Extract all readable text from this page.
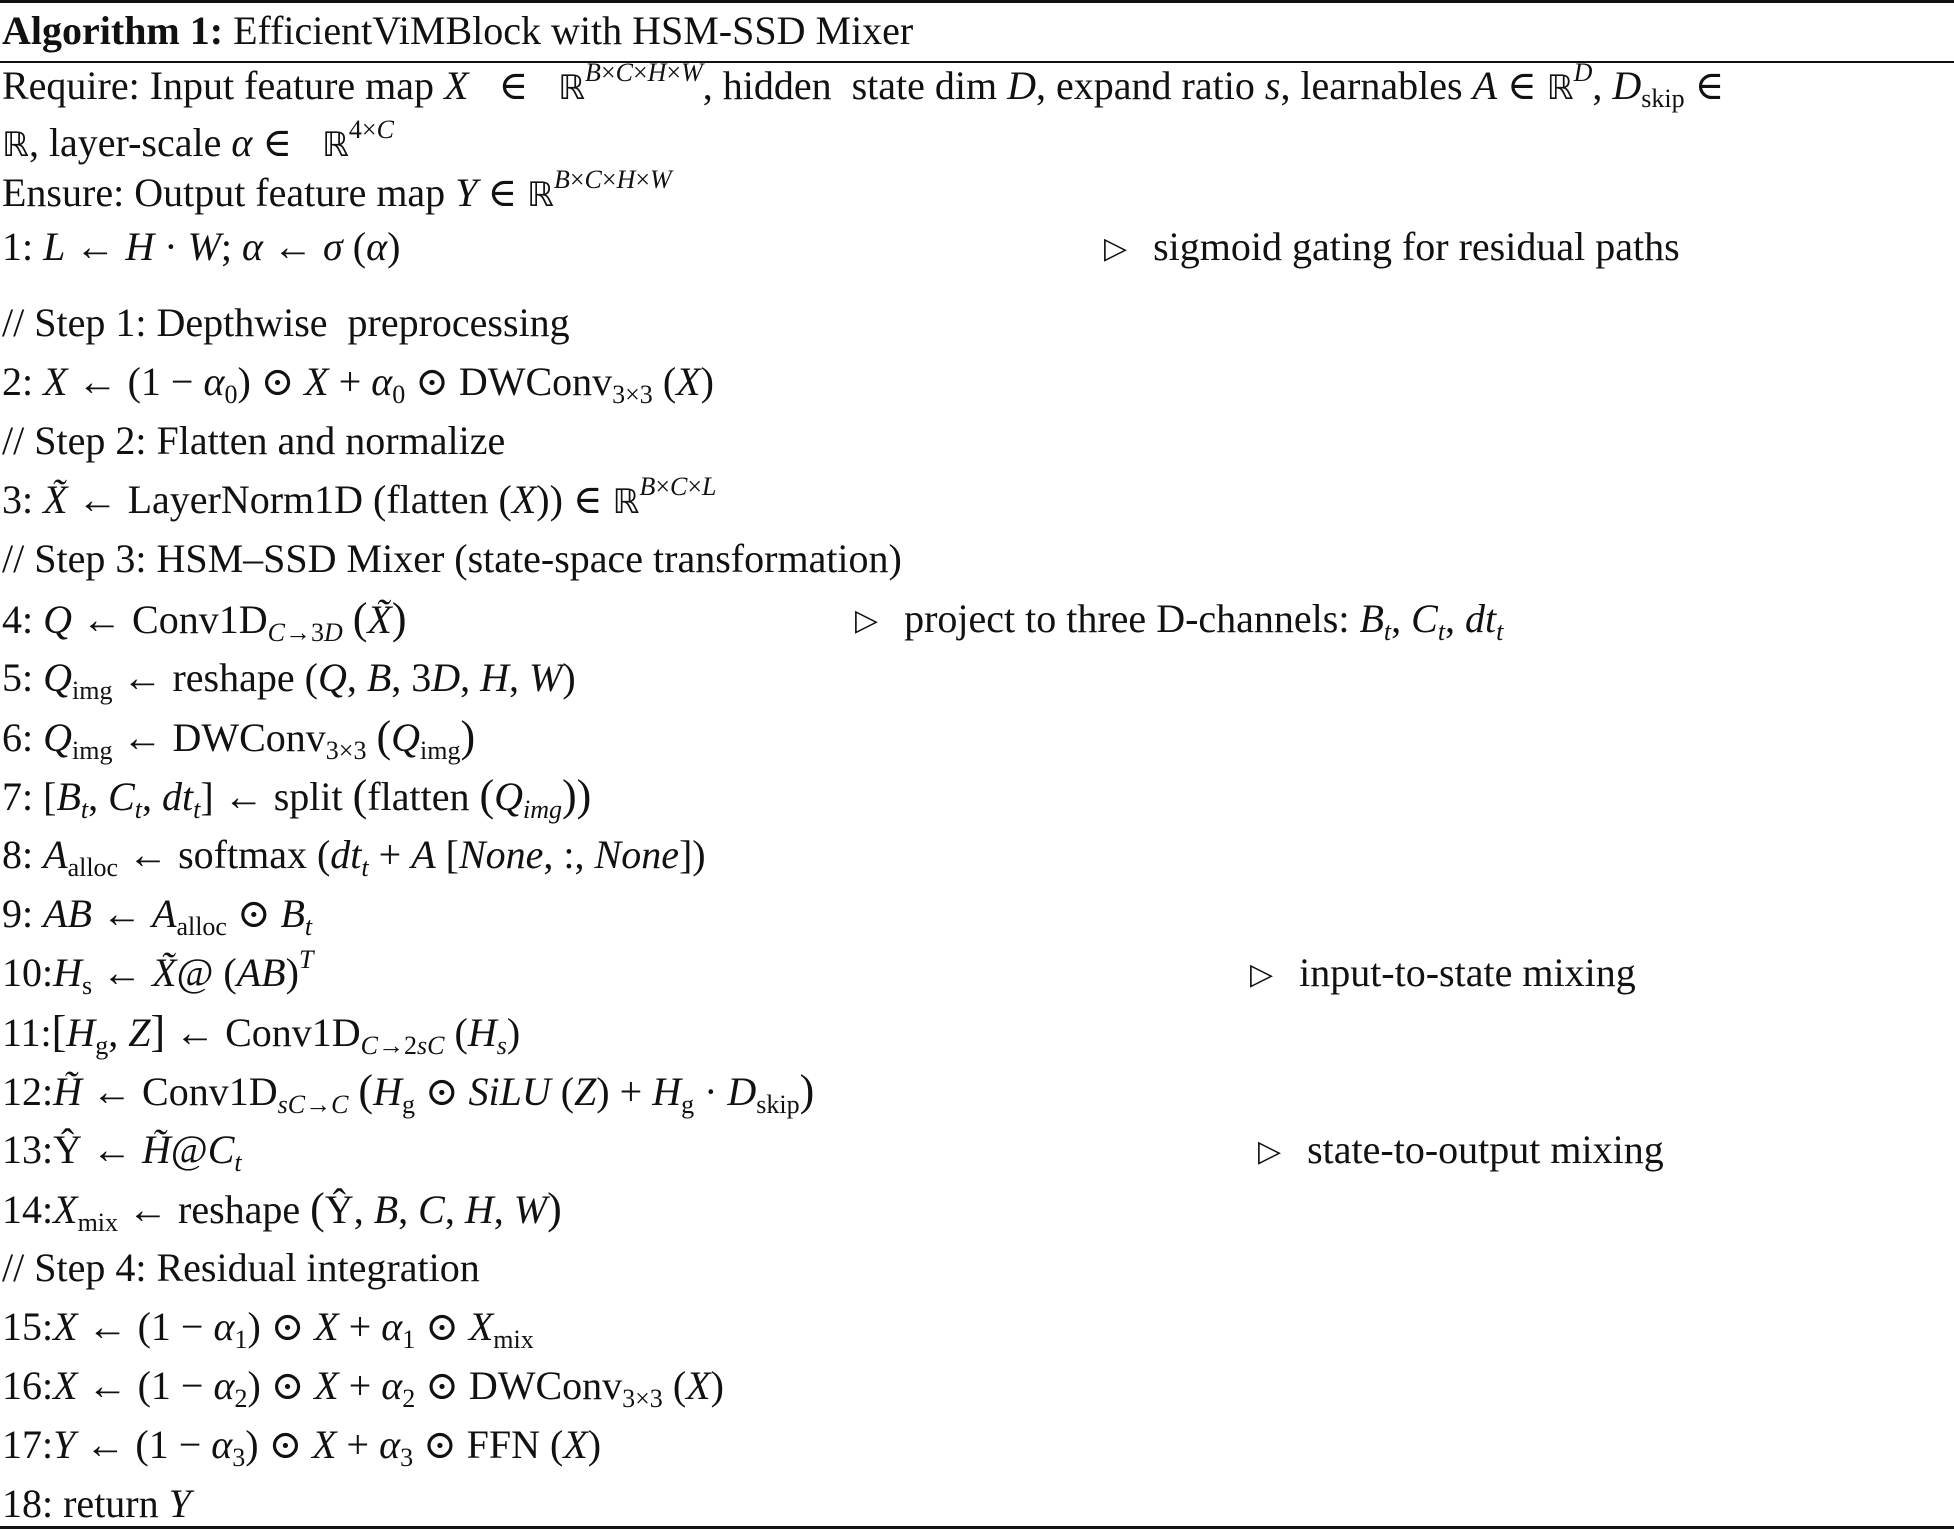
Algorithm 1: EfficientViMBlock with HSM-SSD Mixer
Require: Input feature map X   ∈   ℝ$^{B\times C\times H\times W}$, hidden  state dim D, expand ratio s, learnables A ∈ ℝ$^D$, $D_{skip}$ ∈
ℝ, layer-scale α ∈   ℝ$^{4\times C}$
Ensure: Output feature map Y ∈ ℝ$^{B\times C\times H\times W}$
1: L ← H · W; α ← σ (α)	▷ sigmoid gating for residual paths
// Step 1: Depthwise  preprocessing
2: X ← $(1 - \alpha_0)$ ⊙ $X + \alpha_0$ ⊙ DWConv$_{3\times 3}$ (X)
// Step 2: Flatten and normalize
3: X̃ ← LayerNorm1D (flatten (X)) ∈ ℝ$^{B\times C\times L}$
// Step 3: HSM–SSD Mixer (state-space transformation)
4: Q ← $Conv1D_{C\to 3D}$ (X̃)	▷ project to three D-channels: $B_t$, $C_t$, $dt_t$
5: $Q_{img}$ ← reshape (Q, B, 3D, H, W)
6: $Q_{img}$ ← DWConv$_{3\times 3}$ $(Q_{img})$
7: [$B_t$, $C_t$, $dt_t$] ← split (flatten $(Q_{img})$)
8: $A_{alloc}$ ← softmax ($dt_t + A$ [None, :, None])
9: AB ← $A_{alloc}$ ⊙ $B_t$
$10:H_s$ ← X̃@ (AB)$^T$	▷ input-to-state mixing
$11:[H_g$, Z] ← $Conv1D_{C\to 2sC}$ $(H_s)$
12:H̃ ← $Conv1D_{sC\to C}$ ($H_g$ ⊙ SiLU $(Z) + H_g \cdot D_{skip}$)
13:Ŷ ← $H̃@C_t$	▷ state-to-output mixing
$14:X_{mix}$ ← reshape (Ŷ, B, C, H, W)
// Step 4: Residual integration
15:X ← $(1 - \alpha_1)$ ⊙ $X + \alpha_1$ ⊙ $X_{mix}$
16:X ← $(1 - \alpha_2)$ ⊙ $X + \alpha_2$ ⊙ DWConv$_{3\times 3}$ (X)
17:Y ← $(1 - \alpha_3)$ ⊙ $X + \alpha_3$ ⊙ FFN (X)
18: return Y
